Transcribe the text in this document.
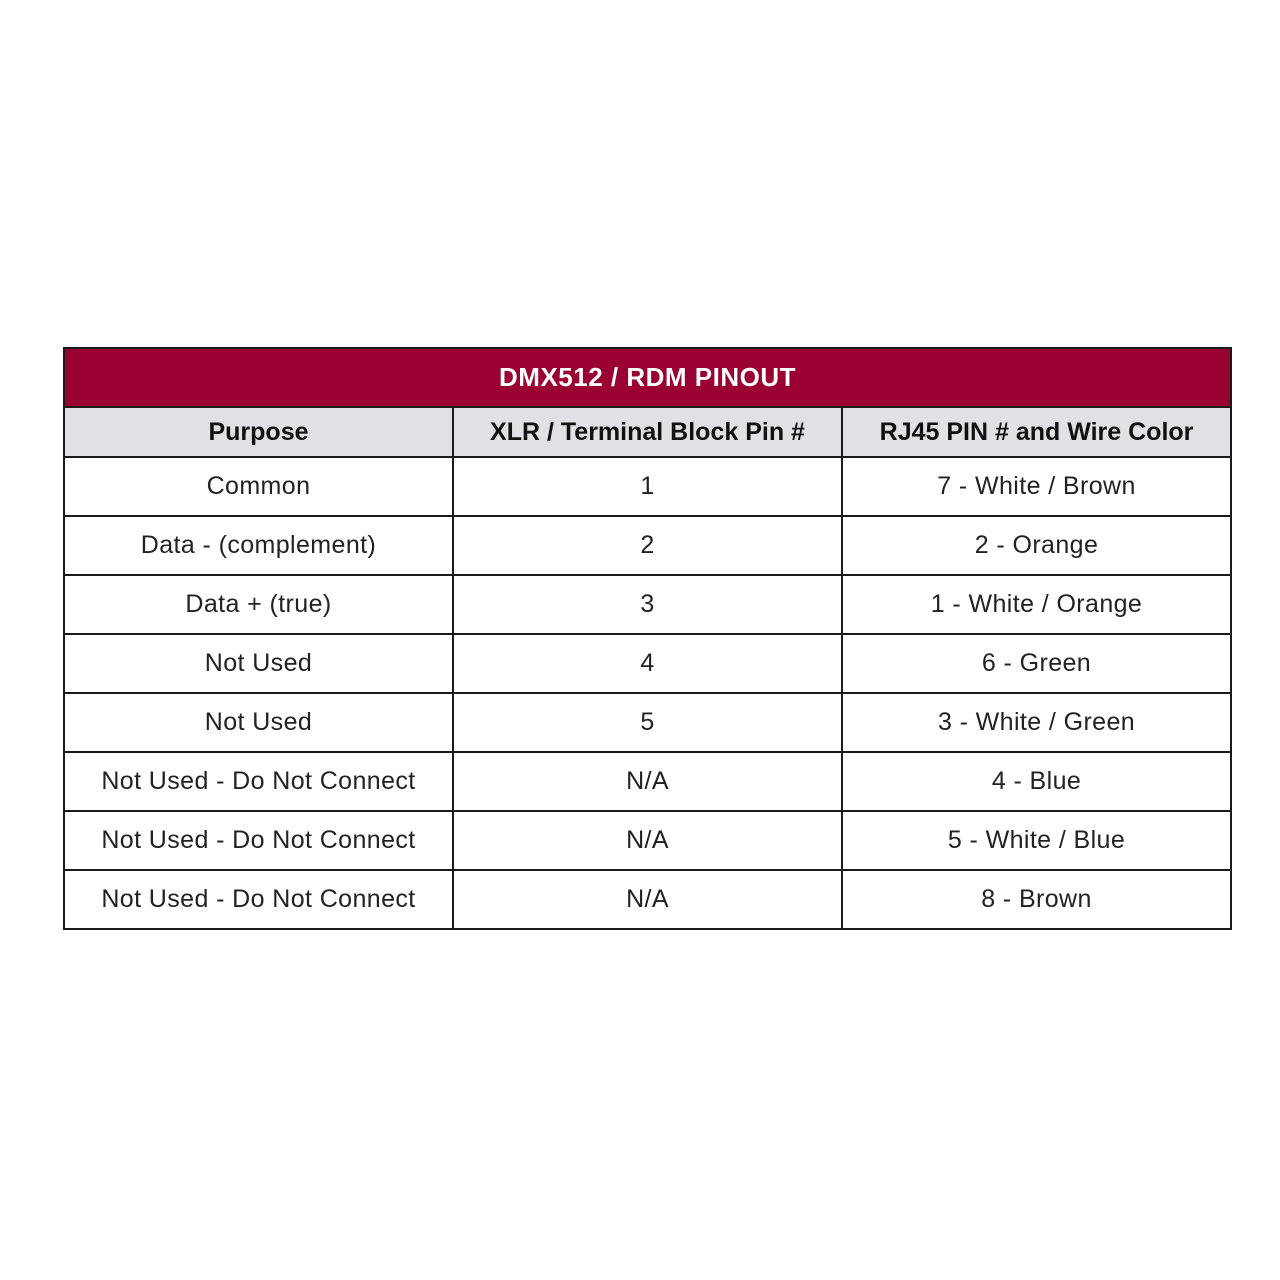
DMX512 / RDM PINOUT		
Purpose	XLR / Terminal Block Pin #	RJ45 PIN # and Wire Color
Common	1	7 - White / Brown
Data - (complement)	2	2 - Orange
Data + (true)	3	1 - White / Orange
Not Used	4	6 - Green
Not Used	5	3 - White / Green
Not Used - Do Not Connect	N/A	4 - Blue
Not Used - Do Not Connect	N/A	5 - White / Blue
Not Used - Do Not Connect	N/A	8 - Brown
